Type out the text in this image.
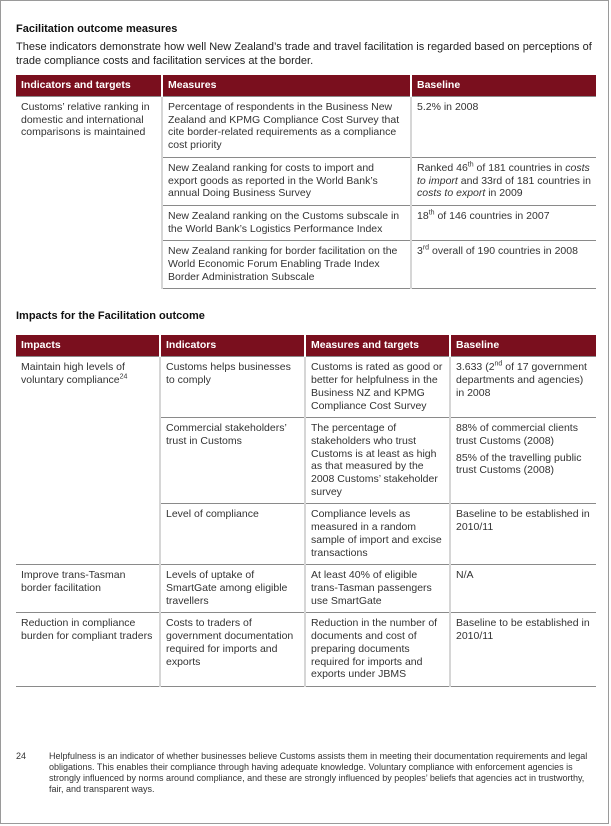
Facilitation outcome measures

These indicators demonstrate how well New Zealand’s trade and travel facilitation is regarded based on perceptions of trade compliance costs and facilitation services at the border.

Indicators and targets	Measures	Baseline
Customs’ relative ranking in domestic and international comparisons is maintained	Percentage of respondents in the Business New Zealand and KPMG Compliance Cost Survey that cite border-related requirements as a compliance cost priority	5.2% in 2008
	New Zealand ranking for costs to import and export goods as reported in the World Bank’s annual Doing Business Survey	Ranked 46th of 181 countries in costs to import and 33rd of 181 countries in costs to export in 2009
	New Zealand ranking on the Customs subscale in the World Bank’s Logistics Performance Index	18th of 146 countries in 2007
	New Zealand ranking for border facilitation on the World Economic Forum Enabling Trade Index Border Administration Subscale	3rd overall of 190 countries in 2008
Impacts for the Facilitation outcome
Impacts	Indicators	Measures and targets	Baseline
Maintain high levels of voluntary compliance$^{24}$	Customs helps businesses to comply	Customs is rated as good or better for helpfulness in the Business NZ and KPMG Compliance Cost Survey	3.633 (2nd of 17 government departments and agencies) in 2008
	Commercial stakeholders’ trust in Customs	The percentage of stakeholders who trust Customs is at least as high as that measured by the 2008 Customs’ stakeholder survey	88% of commercial clients trust Customs (2008)
85% of the travelling public trust Customs (2008)

	Level of compliance	Compliance levels as measured in a random sample of import and excise transactions	Baseline to be established in 2010/11
Improve trans-Tasman border facilitation	Levels of uptake of SmartGate among eligible travellers	At least 40% of eligible trans-Tasman passengers use SmartGate	N/A
Reduction in compliance burden for compliant traders	Costs to traders of government documentation required for imports and exports	Reduction in the number of documents and cost of preparing documents required for imports and exports under JBMS	Baseline to be established in 2010/11
24	Helpfulness is an indicator of whether businesses believe Customs assists them in meeting their documentation requirements and legal obligations. This enables their compliance through having adequate knowledge. Voluntary compliance with enforcement agencies is strongly influenced by norms around compliance, and these are strongly influenced by peoples’ beliefs that agencies act in trustworthy, fair, and transparent ways.
